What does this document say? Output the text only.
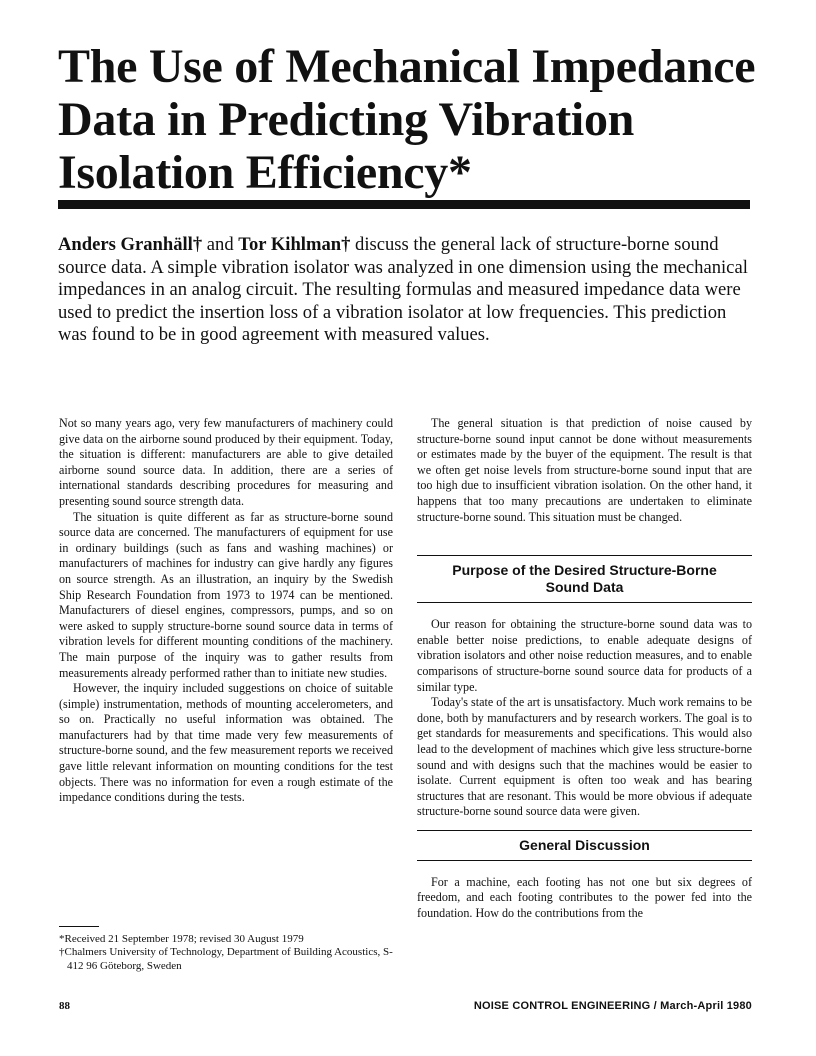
The Use of Mechanical Impedance Data in Predicting Vibration Isolation Efficiency*

Anders Granhäll† and Tor Kihlman† discuss the general lack of structure-borne sound source data. A simple vibration isolator was analyzed in one dimension using the mechanical impedances in an analog circuit. The resulting formulas and measured impedance data were used to predict the insertion loss of a vibration isolator at low frequencies. This prediction was found to be in good agreement with measured values.

Not so many years ago, very few manufacturers of machinery could give data on the airborne sound produced by their equipment. Today, the situation is different: manufacturers are able to give detailed airborne sound source data. In addition, there are a series of international standards describing procedures for measuring and presenting sound source strength data.

The situation is quite different as far as structure-borne sound source data are concerned. The manufacturers of equipment for use in ordinary buildings (such as fans and washing machines) or manufacturers of machines for industry can give hardly any figures on source strength. As an illustration, an inquiry by the Swedish Ship Research Foundation from 1973 to 1974 can be mentioned. Manufacturers of diesel engines, compressors, pumps, and so on were asked to supply structure-borne sound source data in terms of vibration levels for different mounting conditions of the machinery. The main purpose of the inquiry was to gather results from measurements already performed rather than to initiate new studies.

However, the inquiry included suggestions on choice of suitable (simple) instrumentation, methods of mounting accelerometers, and so on. Practically no useful information was obtained. The manufacturers had by that time made very few measurements of structure-borne sound, and the few measurement reports we received gave little relevant information on mounting conditions for the test objects. There was no information for even a rough estimate of the impedance conditions during the tests.

The general situation is that prediction of noise caused by structure-borne sound input cannot be done without measurements or estimates made by the buyer of the equipment. The result is that we often get noise levels from structure-borne sound input that are too high due to insufficient vibration isolation. On the other hand, it happens that too many precautions are undertaken to eliminate structure-borne sound. This situation must be changed.

Purpose of the Desired Structure-Borne
Sound Data

Our reason for obtaining the structure-borne sound data was to enable better noise predictions, to enable adequate designs of vibration isolators and other noise reduction measures, and to enable comparisons of structure-borne sound source data for products of a similar type.

Today's state of the art is unsatisfactory. Much work remains to be done, both by manufacturers and by research workers. The goal is to get standards for measurements and specifications. This would also lead to the development of machines which give less structure-borne sound and with designs such that the machines would be easier to isolate. Current equipment is often too weak and has bearing structures that are resonant. This would be more obvious if adequate structure-borne sound source data were given.

General Discussion

For a machine, each footing has not one but six degrees of freedom, and each footing contributes to the power fed into the foundation. How do the contributions from the

*Received 21 September 1978; revised 30 August 1979

†Chalmers University of Technology, Department of Building Acoustics, S-412 96 Göteborg, Sweden

88	NOISE CONTROL ENGINEERING / March-April 1980
